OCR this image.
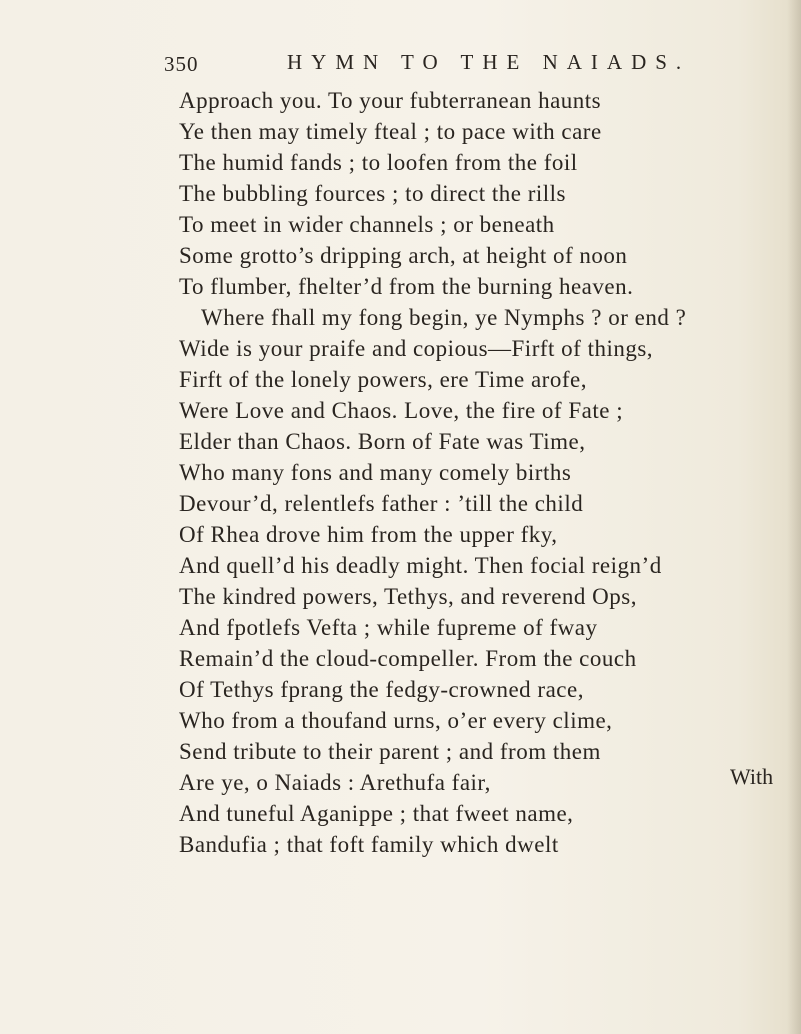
350	HYMN TO THE NAIADS.
Approach you. To your fubterranean haunts
Ye then may timely fteal ; to pace with care
The humid fands ; to loofen from the foil
The bubbling fources ; to direct the rills
To meet in wider channels ; or beneath
Some grotto’s dripping arch, at height of noon
To flumber, fhelter’d from the burning heaven.
Where fhall my fong begin, ye Nymphs ? or end ?
Wide is your praife and copious—Firft of things,
Firft of the lonely powers, ere Time arofe,
Were Love and Chaos. Love, the fire of Fate ;
Elder than Chaos. Born of Fate was Time,
Who many fons and many comely births
Devour’d, relentlefs father : ’till the child
Of Rhea drove him from the upper fky,
And quell’d his deadly might. Then focial reign’d
The kindred powers, Tethys, and reverend Ops,
And fpotlefs Vefta ; while fupreme of fway
Remain’d the cloud-compeller. From the couch
Of Tethys fprang the fedgy-crowned race,
Who from a thoufand urns, o’er every clime,
Send tribute to their parent ; and from them
Are ye, o Naiads : Arethufa fair,
And tuneful Aganippe ; that fweet name,
Bandufia ; that foft family which dwelt
With
